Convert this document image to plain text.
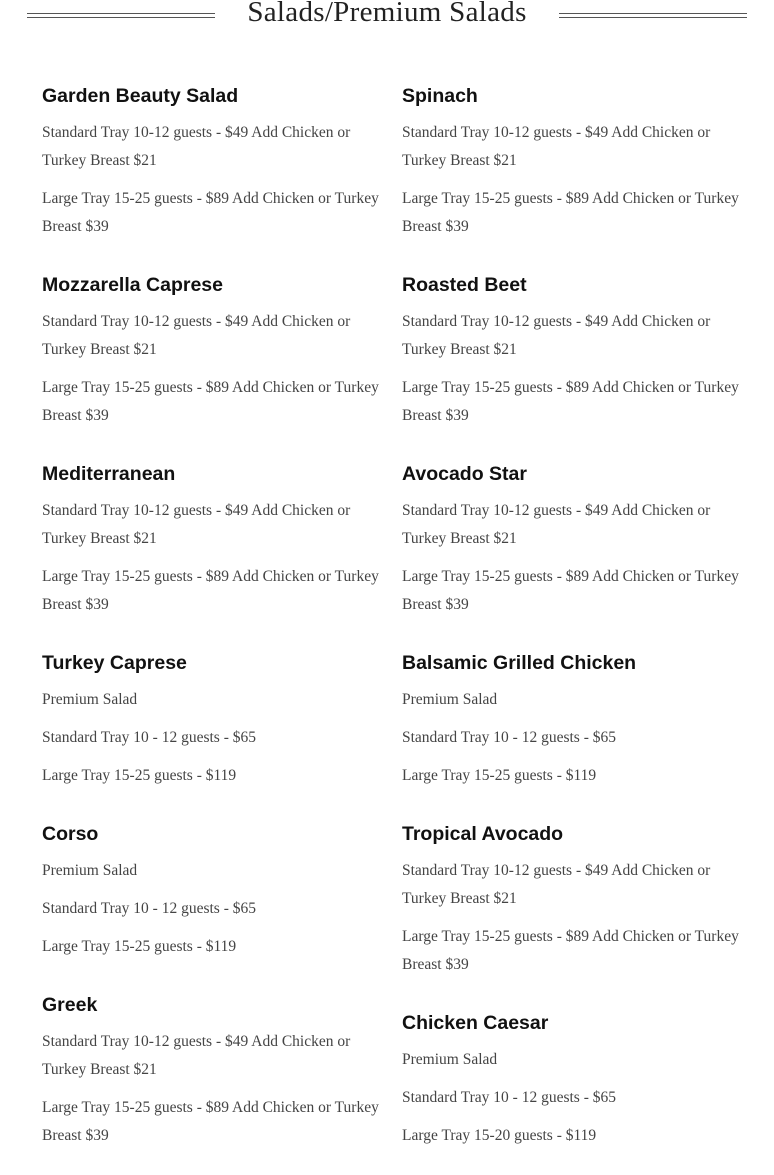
Salads/Premium Salads
Garden Beauty Salad
Standard Tray 10-12 guests - $49 Add Chicken or Turkey Breast $21
Large Tray 15-25 guests - $89 Add Chicken or Turkey Breast $39
Mozzarella Caprese
Standard Tray 10-12 guests - $49 Add Chicken or Turkey Breast $21
Large Tray 15-25 guests - $89 Add Chicken or Turkey Breast $39
Mediterranean
Standard Tray 10-12 guests - $49 Add Chicken or Turkey Breast $21
Large Tray 15-25 guests - $89 Add Chicken or Turkey Breast $39
Turkey Caprese
Premium Salad
Standard Tray 10 - 12 guests - $65
Large Tray 15-25 guests - $119
Corso
Premium Salad
Standard Tray 10 - 12 guests - $65
Large Tray 15-25 guests - $119
Greek
Standard Tray 10-12 guests - $49 Add Chicken or Turkey Breast $21
Large Tray 15-25 guests - $89 Add Chicken or Turkey Breast $39
Spinach
Standard Tray 10-12 guests - $49 Add Chicken or Turkey Breast $21
Large Tray 15-25 guests - $89 Add Chicken or Turkey Breast $39
Roasted Beet
Standard Tray 10-12 guests - $49 Add Chicken or Turkey Breast $21
Large Tray 15-25 guests - $89 Add Chicken or Turkey Breast $39
Avocado Star
Standard Tray 10-12 guests - $49 Add Chicken or Turkey Breast $21
Large Tray 15-25 guests - $89 Add Chicken or Turkey Breast $39
Balsamic Grilled Chicken
Premium Salad
Standard Tray 10 - 12 guests - $65
Large Tray 15-25 guests - $119
Tropical Avocado
Standard Tray 10-12 guests - $49 Add Chicken or Turkey Breast $21
Large Tray 15-25 guests - $89 Add Chicken or Turkey Breast $39
Chicken Caesar
Premium Salad
Standard Tray 10 - 12 guests - $65
Large Tray 15-20 guests - $119
